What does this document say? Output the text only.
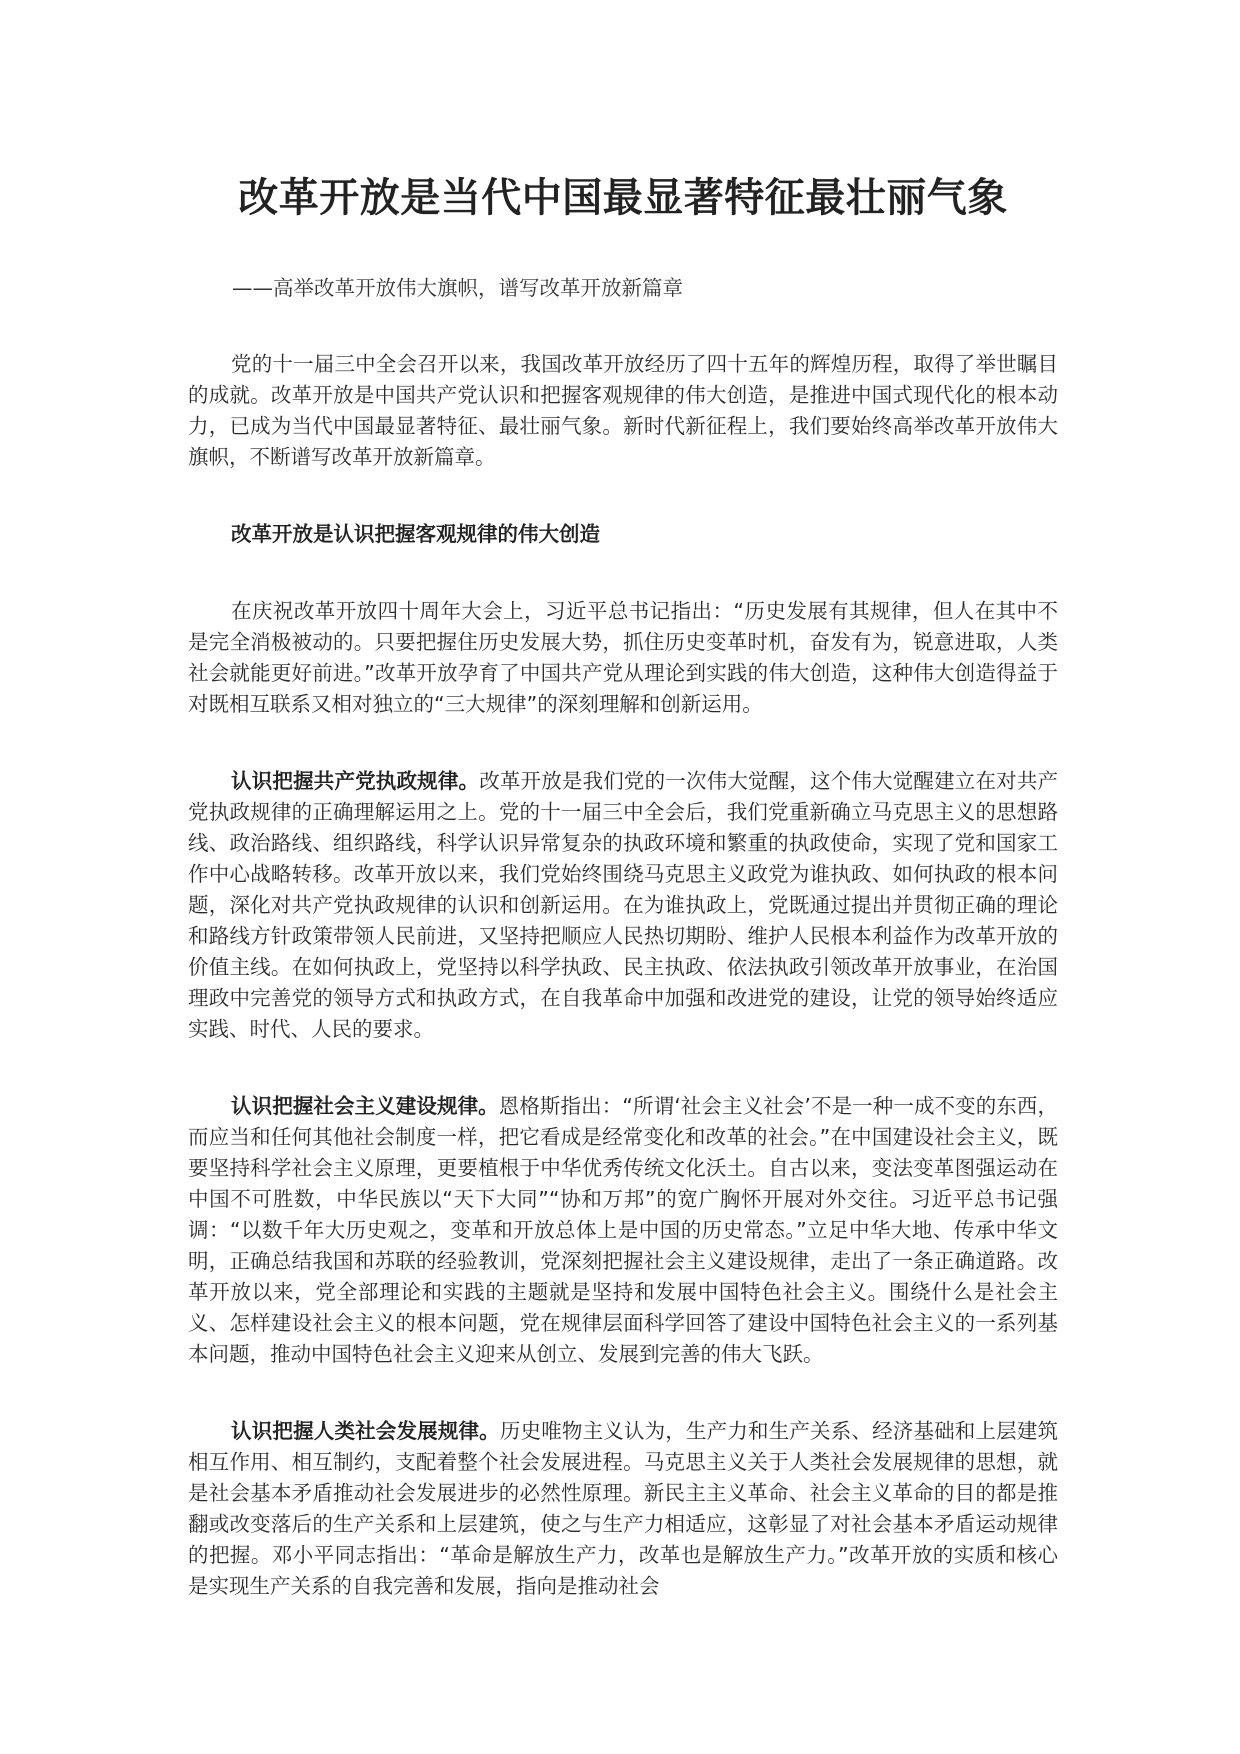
改革开放是当代中国最显著特征最壮丽气象
——高举改革开放伟大旗帜，谱写改革开放新篇章

党的十一届三中全会召开以来，我国改革开放经历了四十五年的辉煌历程，取得了举世瞩目的成就。改革开放是中国共产党认识和把握客观规律的伟大创造，是推进中国式现代化的根本动力，已成为当代中国最显著特征、最壮丽气象。新时代新征程上，我们要始终高举改革开放伟大旗帜，不断谱写改革开放新篇章。

改革开放是认识把握客观规律的伟大创造

在庆祝改革开放四十周年大会上，习近平总书记指出：“历史发展有其规律，但人在其中不是完全消极被动的。只要把握住历史发展大势，抓住历史变革时机，奋发有为，锐意进取，人类社会就能更好前进。”改革开放孕育了中国共产党从理论到实践的伟大创造，这种伟大创造得益于对既相互联系又相对独立的“三大规律”的深刻理解和创新运用。

认识把握共产党执政规律。改革开放是我们党的一次伟大觉醒，这个伟大觉醒建立在对共产党执政规律的正确理解运用之上。党的十一届三中全会后，我们党重新确立马克思主义的思想路线、政治路线、组织路线，科学认识异常复杂的执政环境和繁重的执政使命，实现了党和国家工作中心战略转移。改革开放以来，我们党始终围绕马克思主义政党为谁执政、如何执政的根本问题，深化对共产党执政规律的认识和创新运用。在为谁执政上，党既通过提出并贯彻正确的理论和路线方针政策带领人民前进，又坚持把顺应人民热切期盼、维护人民根本利益作为改革开放的价值主线。在如何执政上，党坚持以科学执政、民主执政、依法执政引领改革开放事业，在治国理政中完善党的领导方式和执政方式，在自我革命中加强和改进党的建设，让党的领导始终适应实践、时代、人民的要求。

认识把握社会主义建设规律。恩格斯指出：“所谓‘社会主义社会’不是一种一成不变的东西，而应当和任何其他社会制度一样，把它看成是经常变化和改革的社会。”在中国建设社会主义，既要坚持科学社会主义原理，更要植根于中华优秀传统文化沃土。自古以来，变法变革图强运动在中国不可胜数，中华民族以“天下大同”“协和万邦”的宽广胸怀开展对外交往。习近平总书记强调：“以数千年大历史观之，变革和开放总体上是中国的历史常态。”立足中华大地、传承中华文明，正确总结我国和苏联的经验教训，党深刻把握社会主义建设规律，走出了一条正确道路。改革开放以来，党全部理论和实践的主题就是坚持和发展中国特色社会主义。围绕什么是社会主义、怎样建设社会主义的根本问题，党在规律层面科学回答了建设中国特色社会主义的一系列基本问题，推动中国特色社会主义迎来从创立、发展到完善的伟大飞跃。

认识把握人类社会发展规律。历史唯物主义认为，生产力和生产关系、经济基础和上层建筑相互作用、相互制约，支配着整个社会发展进程。马克思主义关于人类社会发展规律的思想，就是社会基本矛盾推动社会发展进步的必然性原理。新民主主义革命、社会主义革命的目的都是推翻或改变落后的生产关系和上层建筑，使之与生产力相适应，这彰显了对社会基本矛盾运动规律的把握。邓小平同志指出：“革命是解放生产力，改革也是解放生产力。”改革开放的实质和核心是实现生产关系的自我完善和发展，指向是推动社会
